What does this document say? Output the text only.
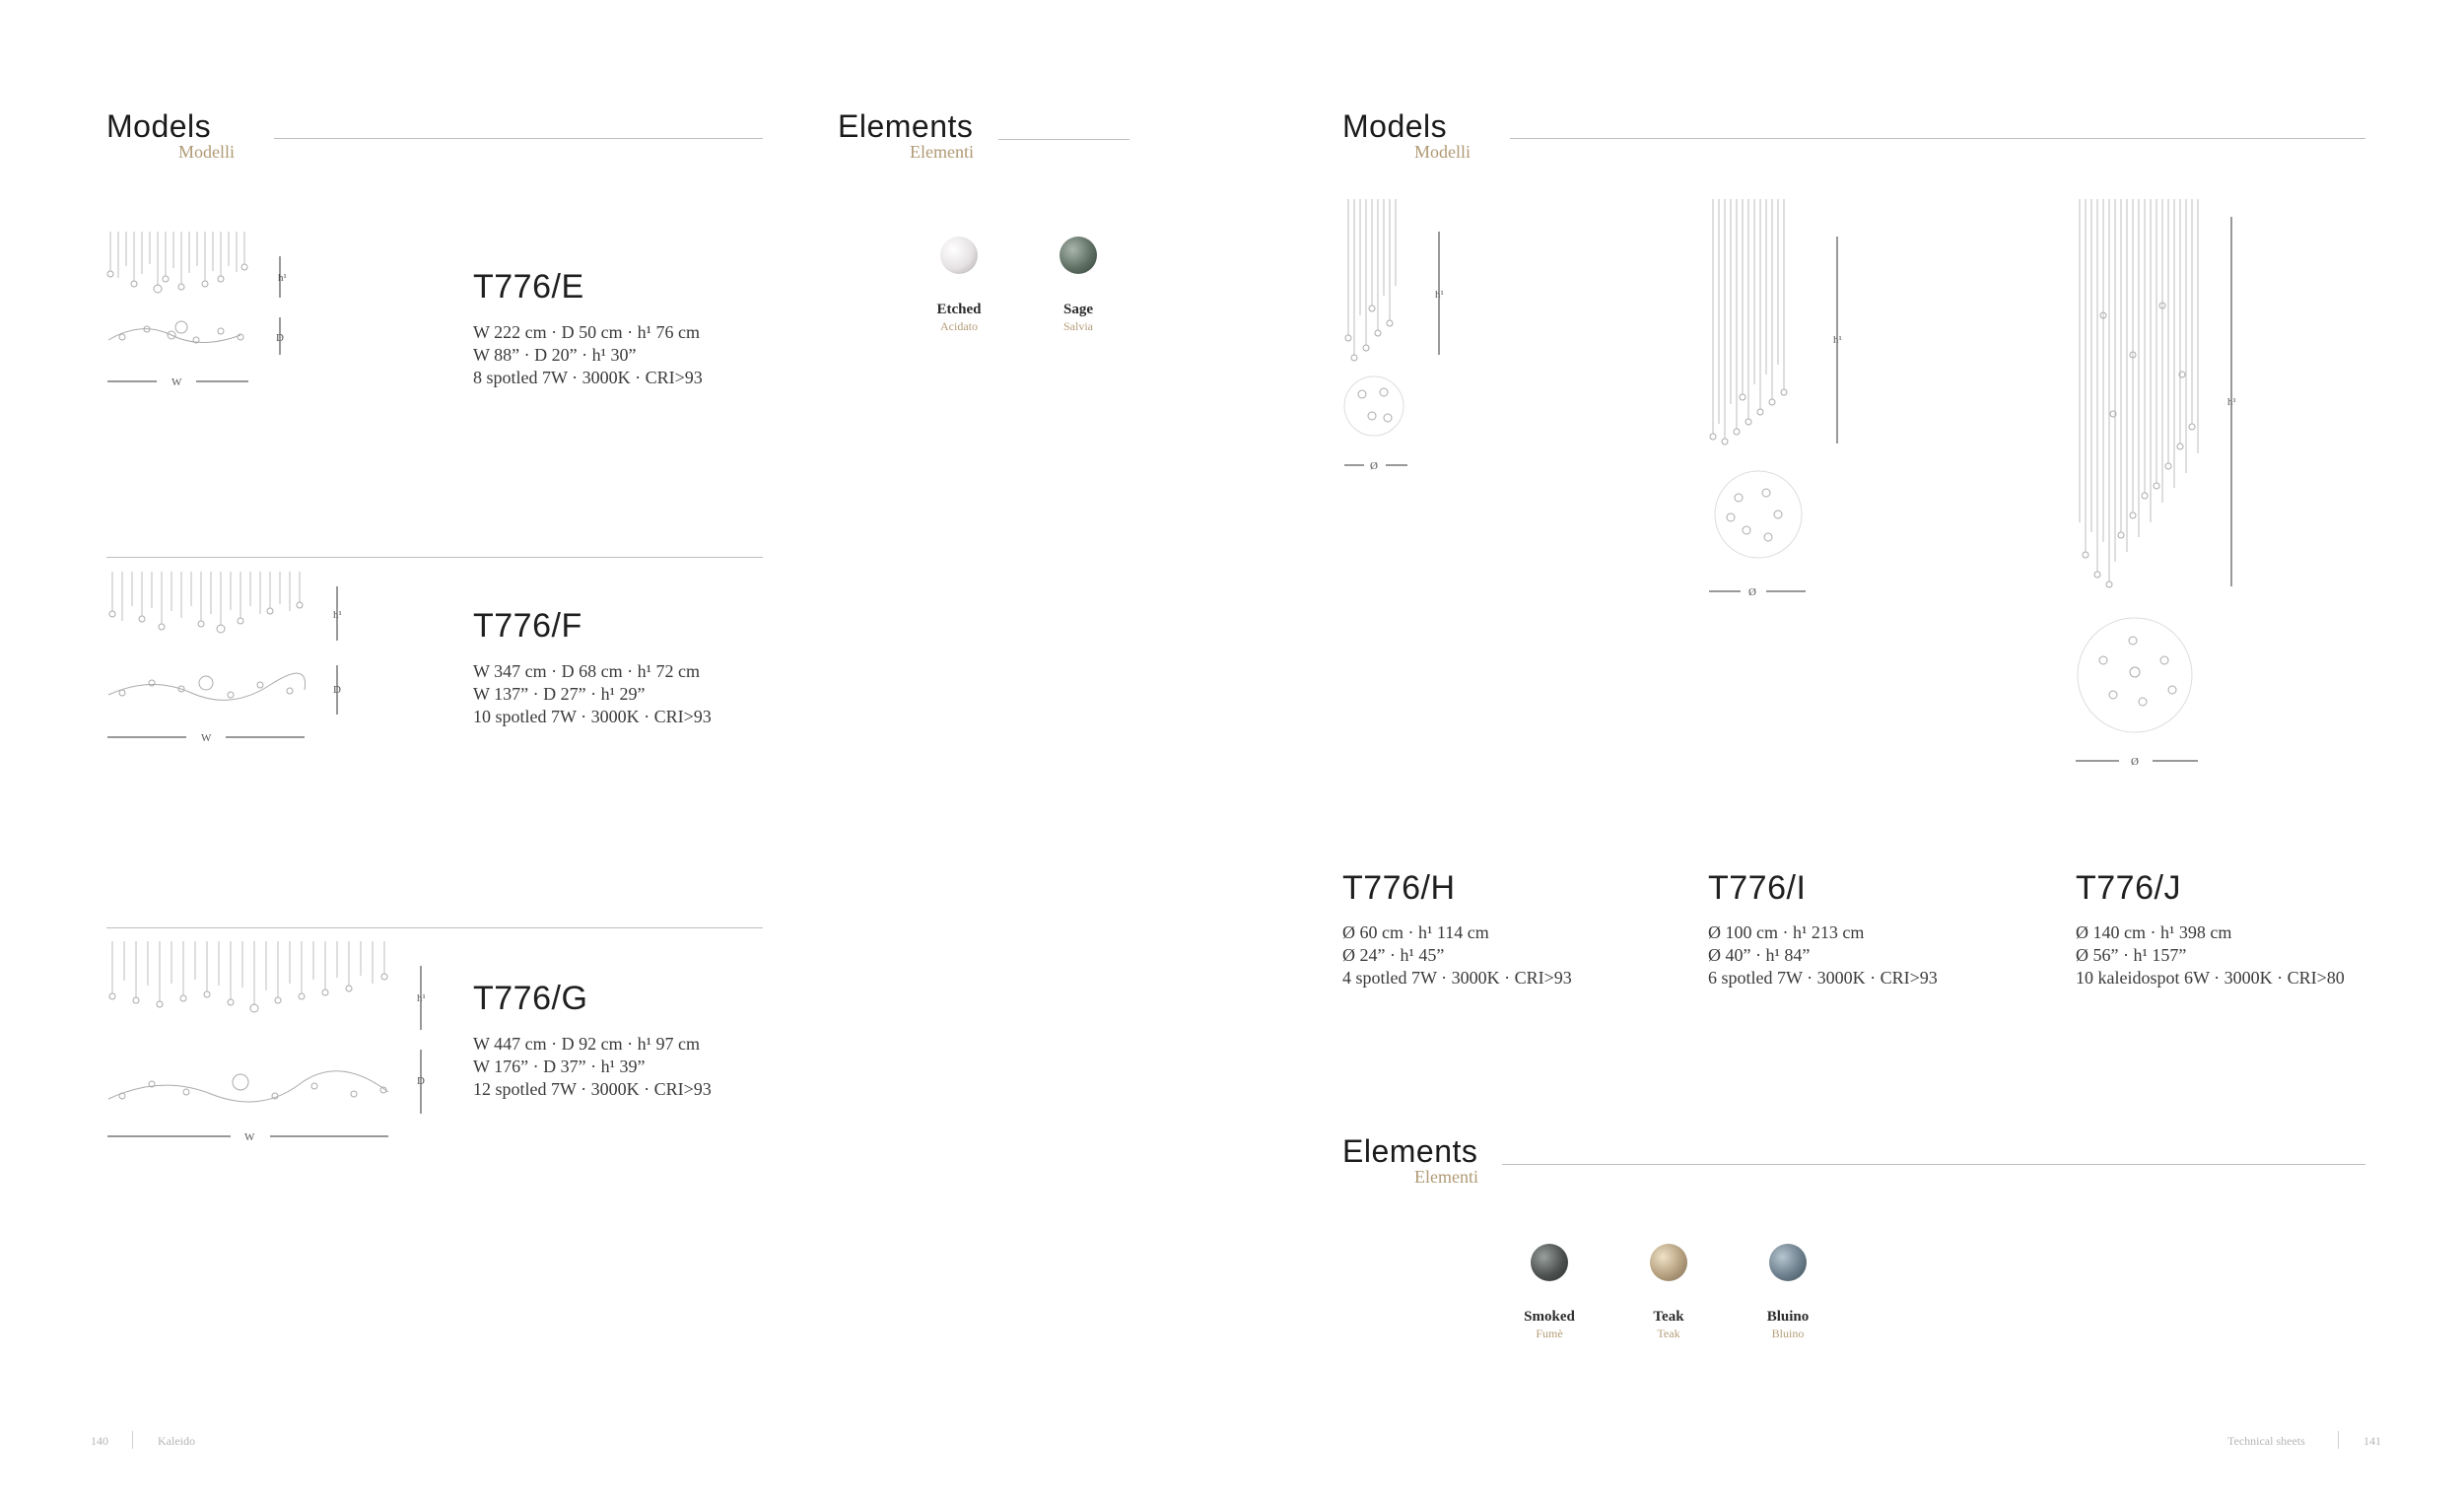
Models
Modelli
Elements
Elementi
h¹
D
W
T776/E
W 222 cm · D 50 cm · h¹ 76 cm
W 88” · D 20” · h¹ 30”
8 spotled 7W · 3000K · CRI>93
h¹
D
W
T776/F
W 347 cm · D 68 cm · h¹ 72 cm
W 137” · D 27” · h¹ 29”
10 spotled 7W · 3000K · CRI>93
h¹
D
W
T776/G
W 447 cm · D 92 cm · h¹ 97 cm
W 176” · D 37” · h¹ 39”
12 spotled 7W · 3000K · CRI>93
Etched
Acidato
Sage
Salvia
140	Kaleido
Models
Modelli
h¹
Ø
h¹
Ø
h¹
Ø
T776/H
Ø 60 cm · h¹ 114 cm
Ø 24” · h¹ 45”
4 spotled 7W · 3000K · CRI>93
T776/I
Ø 100 cm · h¹ 213 cm
Ø 40” · h¹ 84”
6 spotled 7W · 3000K · CRI>93
T776/J
Ø 140 cm · h¹ 398 cm
Ø 56” · h¹ 157”
10 kaleidospot 6W · 3000K · CRI>80
Elements
Elementi
Smoked
Fumè
Teak
Teak
Bluino
Bluino
Technical sheets	141
